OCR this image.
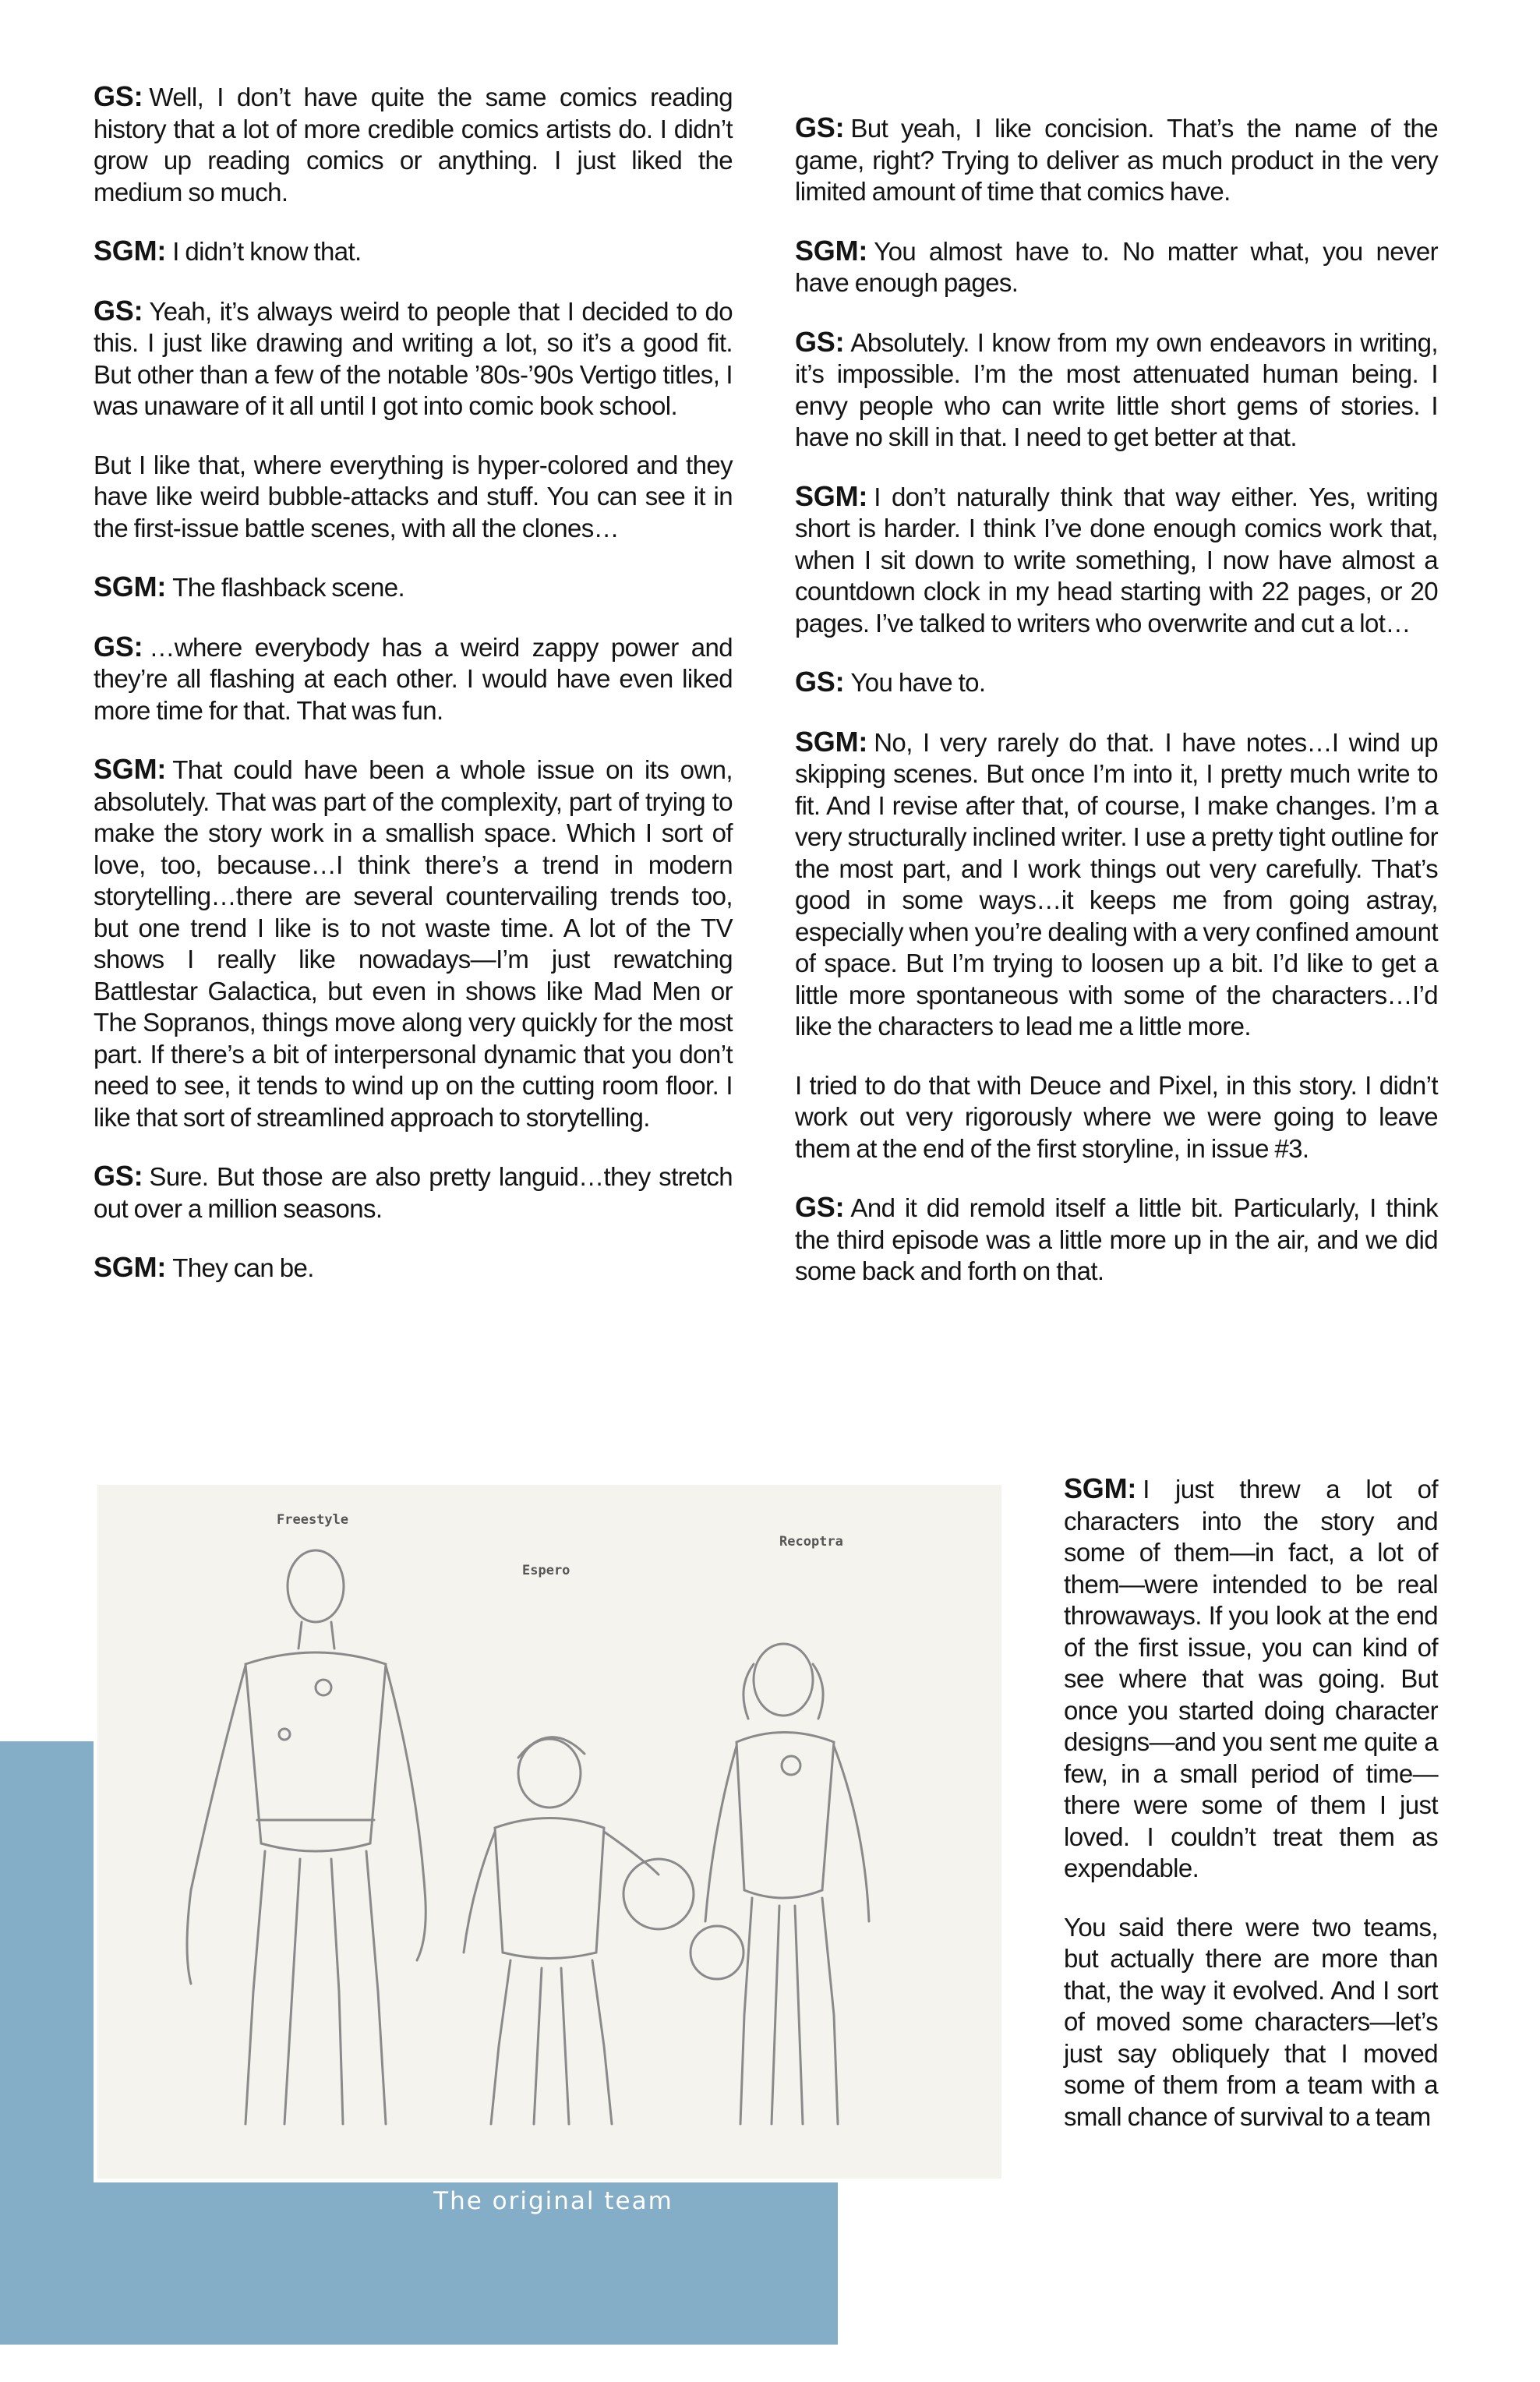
GS: Well, I don’t have quite the same comics reading history that a lot of more credible comics artists do. I didn’t grow up reading comics or anything. I just liked the medium so much.

SGM: I didn’t know that.

GS: Yeah, it’s always weird to people that I decided to do this. I just like drawing and writing a lot, so it’s a good fit. But other than a few of the notable ’80s-’90s Vertigo titles, I was unaware of it all until I got into comic book school.

But I like that, where everything is hyper-colored and they have like weird bubble-attacks and stuff. You can see it in the first-issue battle scenes, with all the clones…

SGM: The flashback scene.

GS: …where everybody has a weird zappy power and they’re all flashing at each other. I would have even liked more time for that. That was fun.

SGM: That could have been a whole issue on its own, absolutely. That was part of the complexity, part of trying to make the story work in a smallish space. Which I sort of love, too, because…I think there’s a trend in modern storytelling…there are several countervailing trends too, but one trend I like is to not waste time. A lot of the TV shows I really like nowadays—I’m just rewatching Battlestar Galactica, but even in shows like Mad Men or The Sopranos, things move along very quickly for the most part. If there’s a bit of interpersonal dynamic that you don’t need to see, it tends to wind up on the cutting room floor. I like that sort of streamlined approach to storytelling.

GS: Sure. But those are also pretty languid…they stretch out over a million seasons.

SGM: They can be.

GS: But yeah, I like concision. That’s the name of the game, right? Trying to deliver as much product in the very limited amount of time that comics have.

SGM: You almost have to. No matter what, you never have enough pages.

GS: Absolutely. I know from my own endeavors in writing, it’s impossible. I’m the most attenuated human being. I envy people who can write little short gems of stories. I have no skill in that. I need to get better at that.

SGM: I don’t naturally think that way either. Yes, writing short is harder. I think I’ve done enough comics work that, when I sit down to write something, I now have almost a countdown clock in my head starting with 22 pages, or 20 pages. I’ve talked to writers who overwrite and cut a lot…

GS: You have to.

SGM: No, I very rarely do that. I have notes…I wind up skipping scenes. But once I’m into it, I pretty much write to fit. And I revise after that, of course, I make changes. I’m a very structurally inclined writer. I use a pretty tight outline for the most part, and I work things out very carefully. That’s good in some ways…it keeps me from going astray, especially when you’re dealing with a very confined amount of space. But I’m trying to loosen up a bit. I’d like to get a little more spontaneous with some of the characters…I’d like the characters to lead me a little more.

I tried to do that with Deuce and Pixel, in this story. I didn’t work out very rigorously where we were going to leave them at the end of the first storyline, in issue #3.

GS: And it did remold itself a little bit. Particularly, I think the third episode was a little more up in the air, and we did some back and forth on that.

Freestyle
Espero
Recoptra
The original team

SGM: I just threw a lot of characters into the story and some of them—in fact, a lot of them—were intended to be real throwaways. If you look at the end of the first issue, you can kind of see where that was going. But once you started doing character designs—and you sent me quite a few, in a small period of time—there were some of them I just loved. I couldn’t treat them as expendable.

You said there were two teams, but actually there are more than that, the way it evolved. And I sort of moved some characters—let’s just say obliquely that I moved some of them from a team with a small chance of survival to a team
